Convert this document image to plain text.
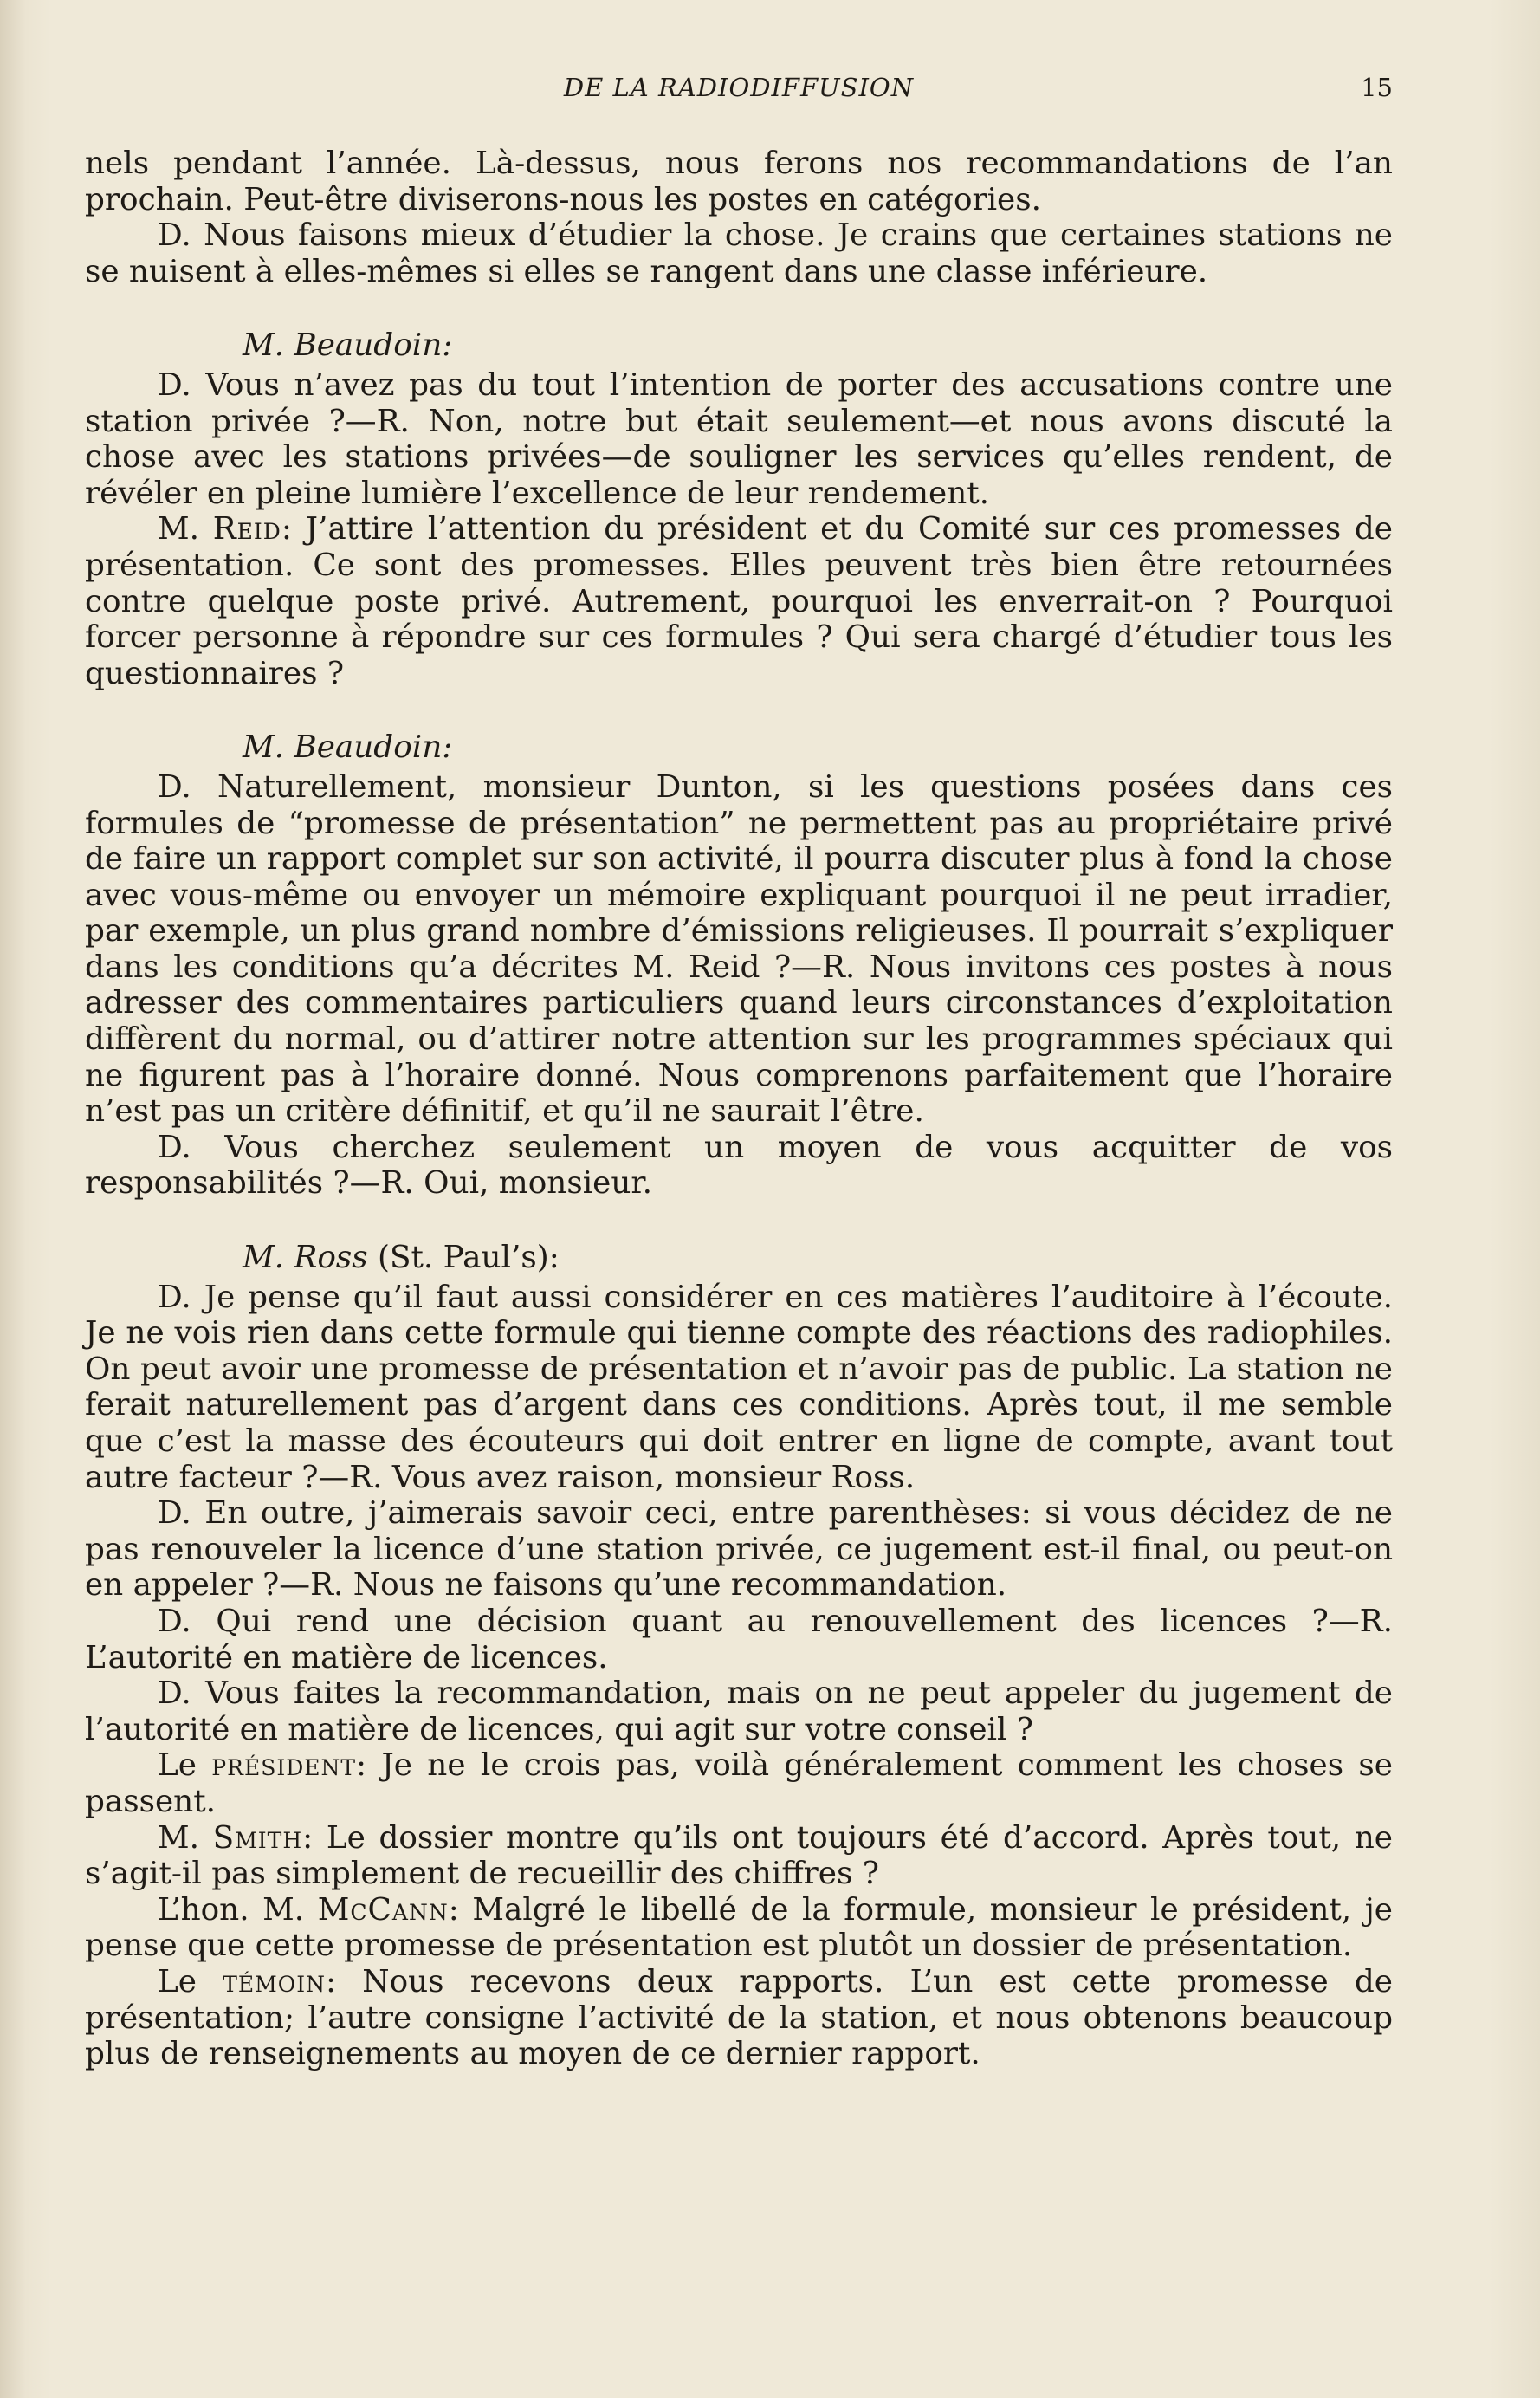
DE LA RADIODIFFUSION	15

nels pendant l’année. Là-dessus, nous ferons nos recommandations de l’an prochain. Peut-être diviserons-nous les postes en catégories.

D. Nous faisons mieux d’étudier la chose. Je crains que certaines stations ne se nuisent à elles-mêmes si elles se rangent dans une classe inférieure.

M. Beaudoin:

D. Vous n’avez pas du tout l’intention de porter des accusations contre une station privée ?—R. Non, notre but était seulement—et nous avons discuté la chose avec les stations privées—de souligner les services qu’elles rendent, de révéler en pleine lumière l’excellence de leur rendement.

M. Reid: J’attire l’attention du président et du Comité sur ces promesses de présentation. Ce sont des promesses. Elles peuvent très bien être retournées contre quelque poste privé. Autrement, pourquoi les enverrait-on ? Pourquoi forcer personne à répondre sur ces formules ? Qui sera chargé d’étudier tous les questionnaires ?

M. Beaudoin:

D. Naturellement, monsieur Dunton, si les questions posées dans ces formules de “promesse de présentation” ne permettent pas au propriétaire privé de faire un rapport complet sur son activité, il pourra discuter plus à fond la chose avec vous-même ou envoyer un mémoire expliquant pourquoi il ne peut irradier, par exemple, un plus grand nombre d’émissions religieuses. Il pourrait s’expliquer dans les conditions qu’a décrites M. Reid ?—R. Nous invitons ces postes à nous adresser des commentaires particuliers quand leurs circonstances d’exploitation diffèrent du normal, ou d’attirer notre attention sur les programmes spéciaux qui ne figurent pas à l’horaire donné. Nous comprenons parfaitement que l’horaire n’est pas un critère définitif, et qu’il ne saurait l’être.

D. Vous cherchez seulement un moyen de vous acquitter de vos responsabilités ?—R. Oui, monsieur.

M. Ross (St. Paul’s):

D. Je pense qu’il faut aussi considérer en ces matières l’auditoire à l’écoute. Je ne vois rien dans cette formule qui tienne compte des réactions des radiophiles. On peut avoir une promesse de présentation et n’avoir pas de public. La station ne ferait naturellement pas d’argent dans ces conditions. Après tout, il me semble que c’est la masse des écouteurs qui doit entrer en ligne de compte, avant tout autre facteur ?—R. Vous avez raison, monsieur Ross.

D. En outre, j’aimerais savoir ceci, entre parenthèses: si vous décidez de ne pas renouveler la licence d’une station privée, ce jugement est-il final, ou peut-on en appeler ?—R. Nous ne faisons qu’une recommandation.

D. Qui rend une décision quant au renouvellement des licences ?—R. L’autorité en matière de licences.

D. Vous faites la recommandation, mais on ne peut appeler du jugement de l’autorité en matière de licences, qui agit sur votre conseil ?

Le président: Je ne le crois pas, voilà généralement comment les choses se passent.

M. Smith: Le dossier montre qu’ils ont toujours été d’accord. Après tout, ne s’agit-il pas simplement de recueillir des chiffres ?

L’hon. M. McCann: Malgré le libellé de la formule, monsieur le président, je pense que cette promesse de présentation est plutôt un dossier de présentation.

Le témoin: Nous recevons deux rapports. L’un est cette promesse de présentation; l’autre consigne l’activité de la station, et nous obtenons beaucoup plus de renseignements au moyen de ce dernier rapport.
